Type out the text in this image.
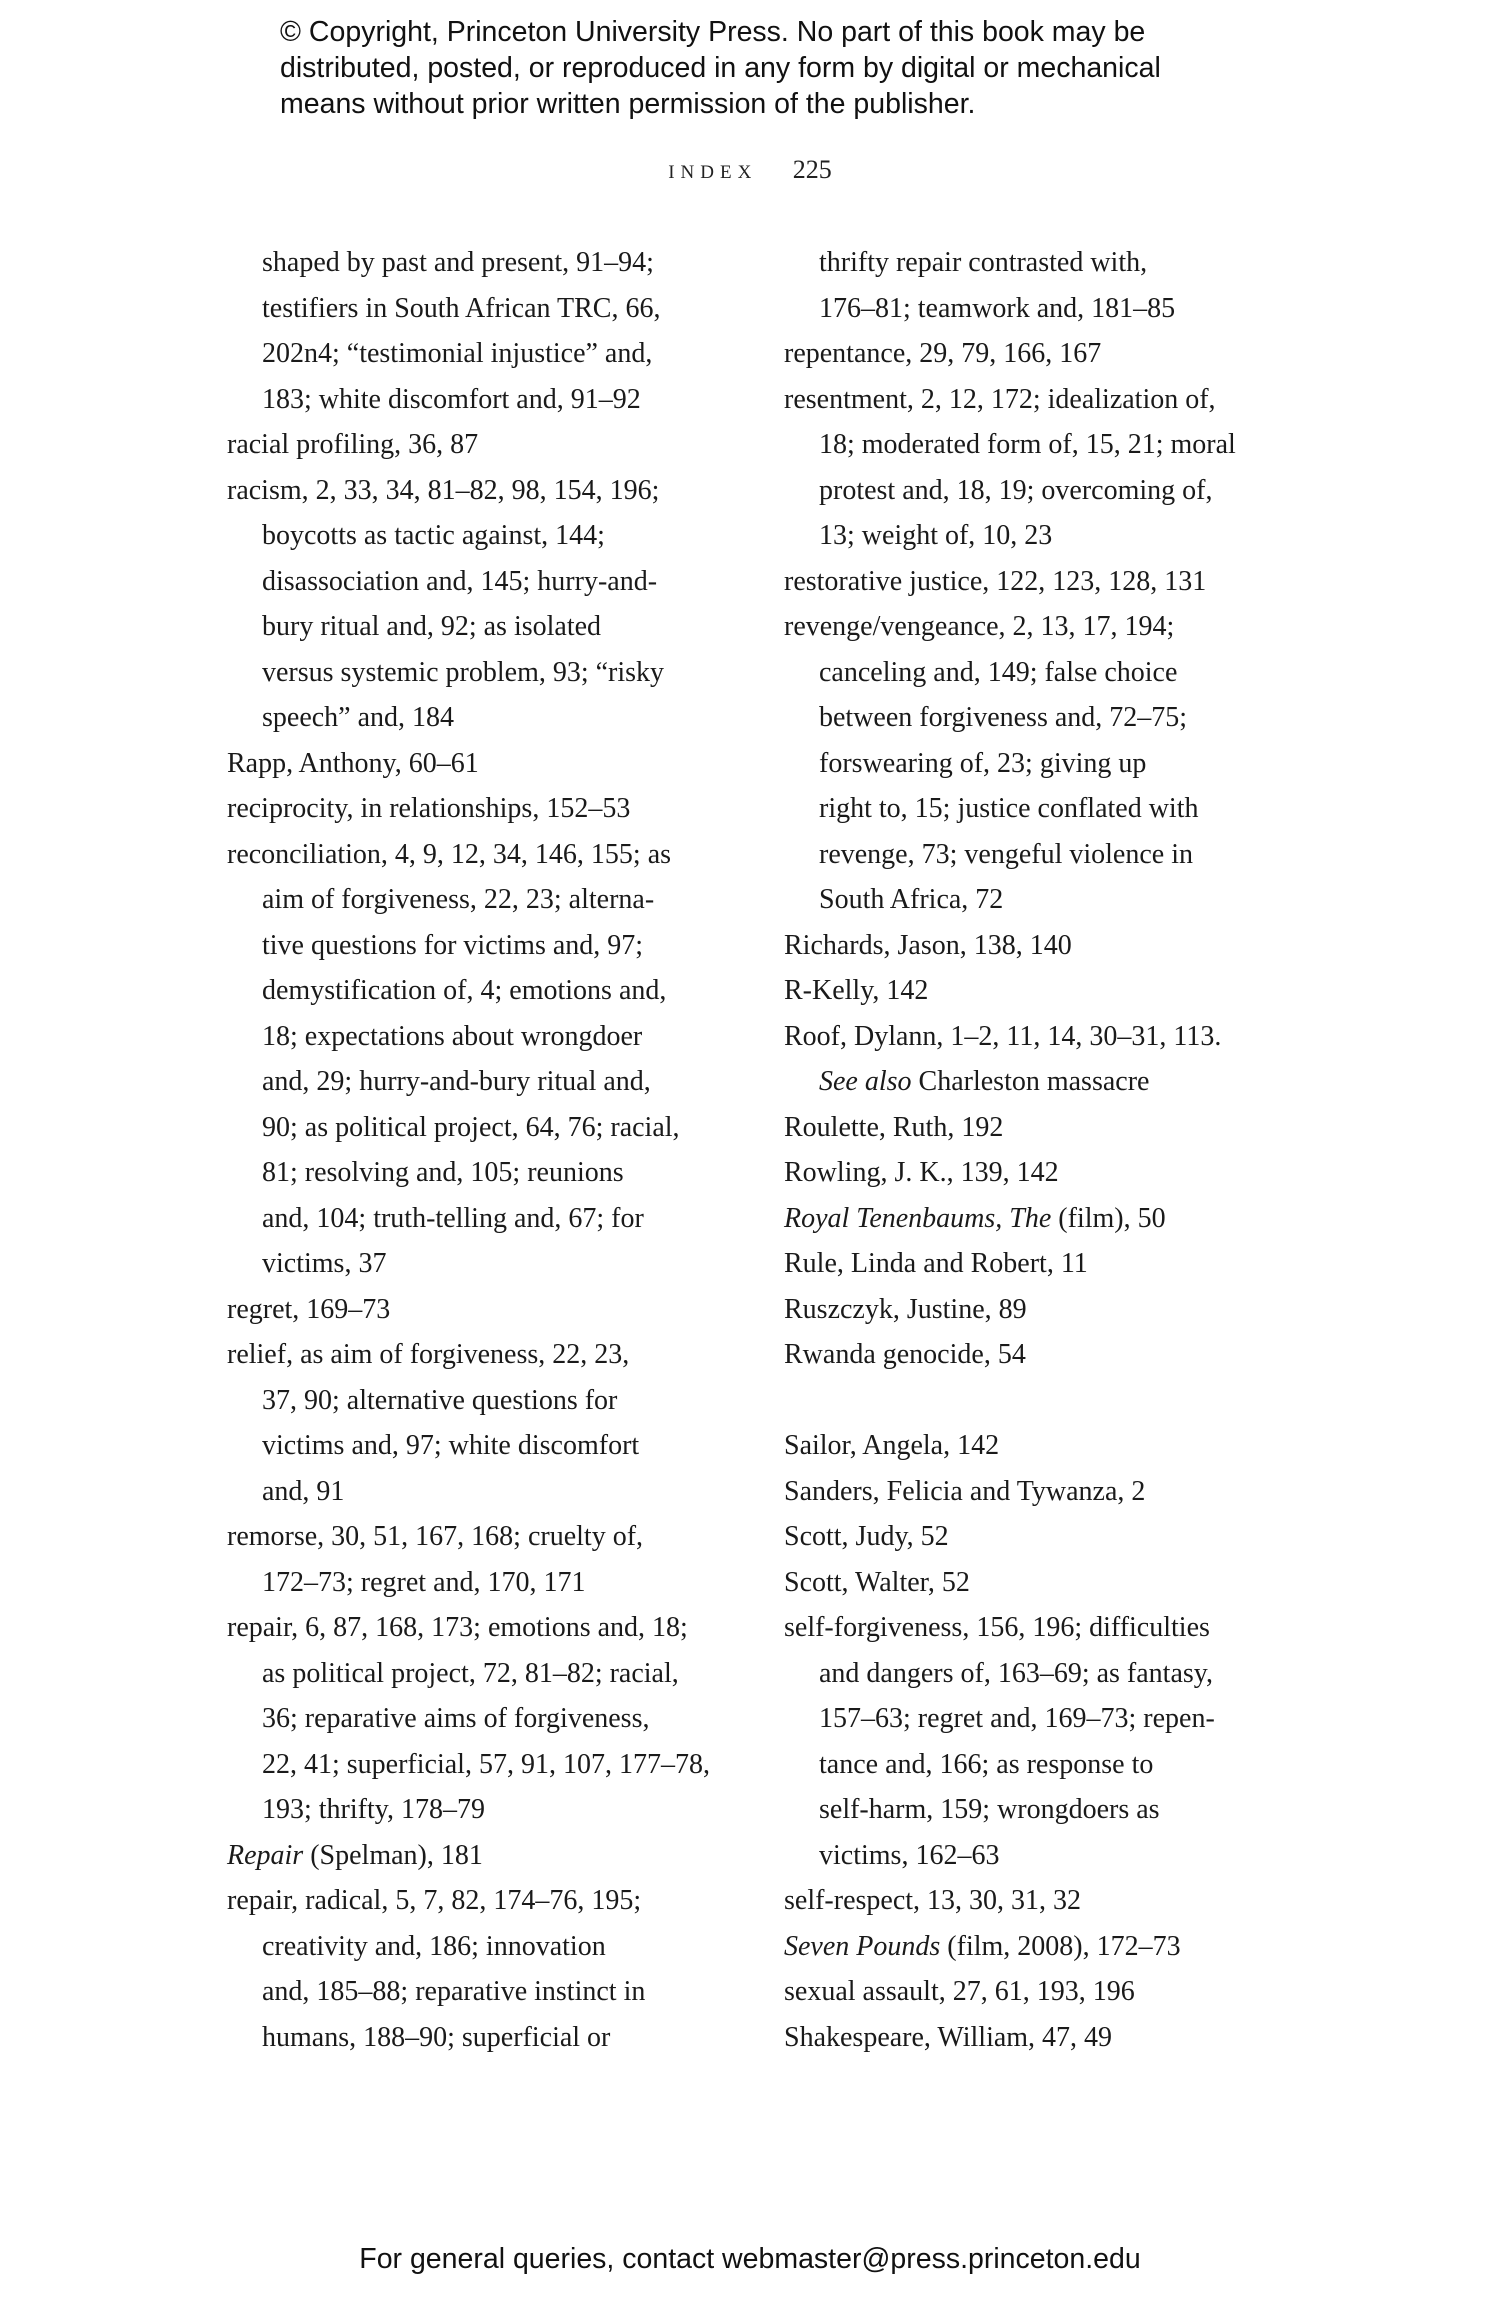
© Copyright, Princeton University Press. No part of this book may be
distributed, posted, or reproduced in any form by digital or mechanical
means without prior written permission of the publisher.
INDEX 225
shaped by past and present, 91–94;
testifiers in South African TRC, 66,
202n4; “testimonial injustice” and,
183; white discomfort and, 91–92
racial profiling, 36, 87
racism, 2, 33, 34, 81–82, 98, 154, 196;
boycotts as tactic against, 144;
disassociation and, 145; hurry-and-
bury ritual and, 92; as isolated
versus systemic problem, 93; “risky
speech” and, 184
Rapp, Anthony, 60–61
reciprocity, in relationships, 152–53
reconciliation, 4, 9, 12, 34, 146, 155; as
aim of forgiveness, 22, 23; alterna-
tive questions for victims and, 97;
demystification of, 4; emotions and,
18; expectations about wrongdoer
and, 29; hurry-and-bury ritual and,
90; as political project, 64, 76; racial,
81; resolving and, 105; reunions
and, 104; truth-telling and, 67; for
victims, 37
regret, 169–73
relief, as aim of forgiveness, 22, 23,
37, 90; alternative questions for
victims and, 97; white discomfort
and, 91
remorse, 30, 51, 167, 168; cruelty of,
172–73; regret and, 170, 171
repair, 6, 87, 168, 173; emotions and, 18;
as political project, 72, 81–82; racial,
36; reparative aims of forgiveness,
22, 41; superficial, 57, 91, 107, 177–78,
193; thrifty, 178–79
Repair (Spelman), 181
repair, radical, 5, 7, 82, 174–76, 195;
creativity and, 186; innovation
and, 185–88; reparative instinct in
humans, 188–90; superficial or
thrifty repair contrasted with,
176–81; teamwork and, 181–85
repentance, 29, 79, 166, 167
resentment, 2, 12, 172; idealization of,
18; moderated form of, 15, 21; moral
protest and, 18, 19; overcoming of,
13; weight of, 10, 23
restorative justice, 122, 123, 128, 131
revenge/vengeance, 2, 13, 17, 194;
canceling and, 149; false choice
between forgiveness and, 72–75;
forswearing of, 23; giving up
right to, 15; justice conflated with
revenge, 73; vengeful violence in
South Africa, 72
Richards, Jason, 138, 140
R-Kelly, 142
Roof, Dylann, 1–2, 11, 14, 30–31, 113.
See also Charleston massacre
Roulette, Ruth, 192
Rowling, J. K., 139, 142
Royal Tenenbaums, The (film), 50
Rule, Linda and Robert, 11
Ruszczyk, Justine, 89
Rwanda genocide, 54
Sailor, Angela, 142
Sanders, Felicia and Tywanza, 2
Scott, Judy, 52
Scott, Walter, 52
self-forgiveness, 156, 196; difficulties
and dangers of, 163–69; as fantasy,
157–63; regret and, 169–73; repen-
tance and, 166; as response to
self-harm, 159; wrongdoers as
victims, 162–63
self-respect, 13, 30, 31, 32
Seven Pounds (film, 2008), 172–73
sexual assault, 27, 61, 193, 196
Shakespeare, William, 47, 49
For general queries, contact webmaster@press.princeton.edu
